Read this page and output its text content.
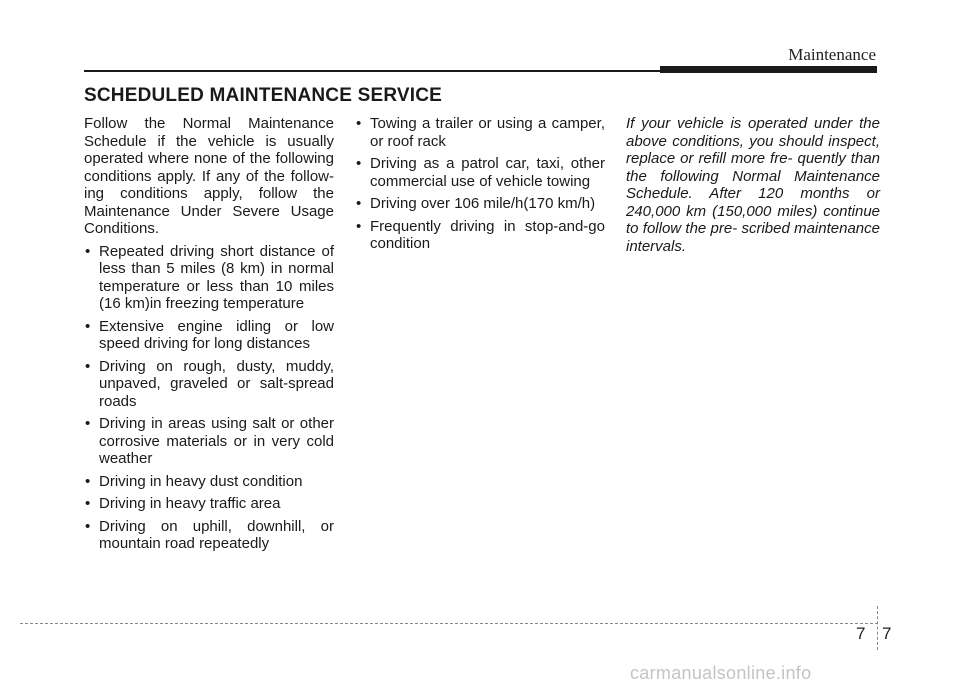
Maintenance
SCHEDULED MAINTENANCE SERVICE

Follow the Normal Maintenance Schedule if the vehicle is usually operated where none of the following conditions apply. If any of the follow- ing conditions apply, follow the Maintenance Under Severe Usage Conditions.

• Repeated driving short distance of less than 5 miles (8 km) in normal temperature or less than 10 miles (16 km)in freezing temperature
• Extensive engine idling or low speed driving for long distances
• Driving on rough, dusty, muddy, unpaved, graveled or salt-spread roads
• Driving in areas using salt or other corrosive materials or in very cold weather
• Driving in heavy dust condition
• Driving in heavy traffic area
• Driving on uphill, downhill, or mountain road repeatedly
• Towing a trailer or using a camper, or roof rack
• Driving as a patrol car, taxi, other commercial use of vehicle towing
• Driving over 106 mile/h(170 km/h)
• Frequently driving in stop-and-go condition

If your vehicle is operated under the above conditions, you should inspect, replace or refill more fre- quently than the following Normal Maintenance Schedule. After 120 months or 240,000 km (150,000 miles) continue to follow the pre- scribed maintenance intervals.

7 7
carmanualsonline.info
